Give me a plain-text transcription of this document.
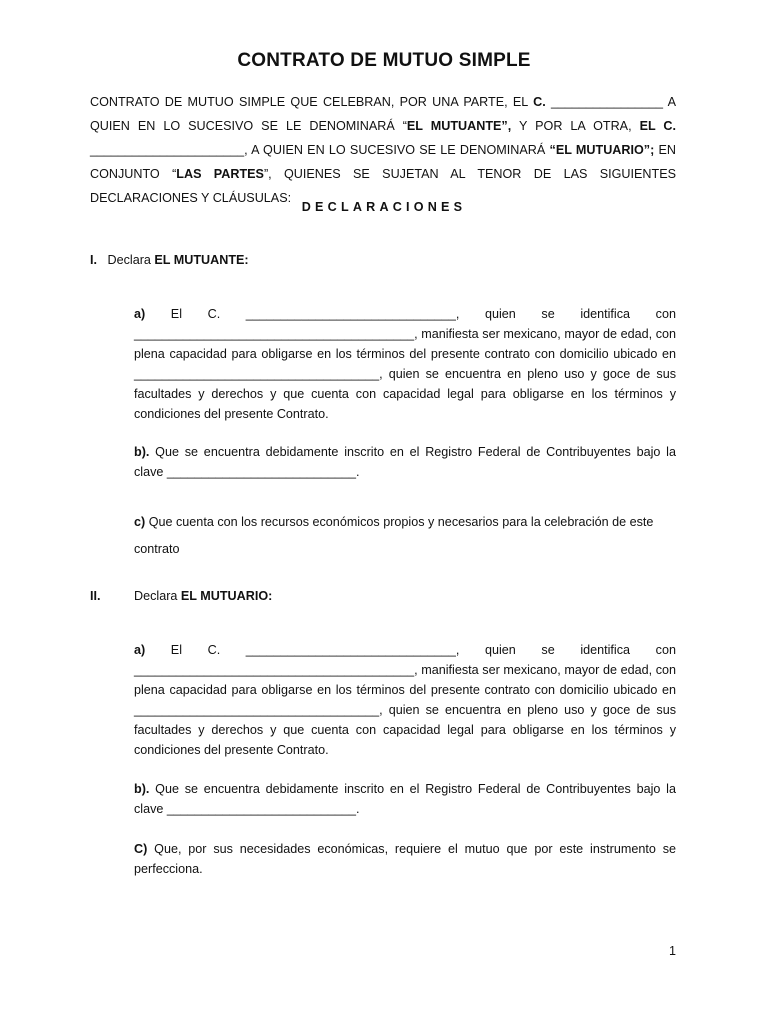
CONTRATO DE MUTUO SIMPLE
CONTRATO DE MUTUO SIMPLE QUE CELEBRAN, POR UNA PARTE, EL C. ________________ A QUIEN EN LO SUCESIVO SE LE DENOMINARÁ “EL MUTUANTE”, Y POR LA OTRA, EL C. ______________________, A QUIEN EN LO SUCESIVO SE LE DENOMINARÁ “EL MUTUARIO”; EN CONJUNTO “LAS PARTES”, QUIENES SE SUJETAN AL TENOR DE LAS SIGUIENTES DECLARACIONES Y CLÁUSULAS:
DECLARACIONES
I. Declara EL MUTUANTE:
a) El C. ______________________________, quien se identifica con
________________________________________, manifiesta ser mexicano, mayor de edad, con plena capacidad para obligarse en los términos del presente contrato con domicilio ubicado en ___________________________________, quien se encuentra en pleno uso y goce de sus facultades y derechos y que cuenta con capacidad legal para obligarse en los términos y condiciones del presente Contrato.
b). Que se encuentra debidamente inscrito en el Registro Federal de Contribuyentes bajo la clave ___________________________.
c) Que cuenta con los recursos económicos propios y necesarios para la celebración de este
contrato
II.	Declara EL MUTUARIO:
a) El C. ______________________________, quien se identifica con
________________________________________, manifiesta ser mexicano, mayor de edad, con plena capacidad para obligarse en los términos del presente contrato con domicilio ubicado en ___________________________________, quien se encuentra en pleno uso y goce de sus facultades y derechos y que cuenta con capacidad legal para obligarse en los términos y condiciones del presente Contrato.
b). Que se encuentra debidamente inscrito en el Registro Federal de Contribuyentes bajo la clave ___________________________.
C) Que, por sus necesidades económicas, requiere el mutuo que por este instrumento se perfecciona.
1
